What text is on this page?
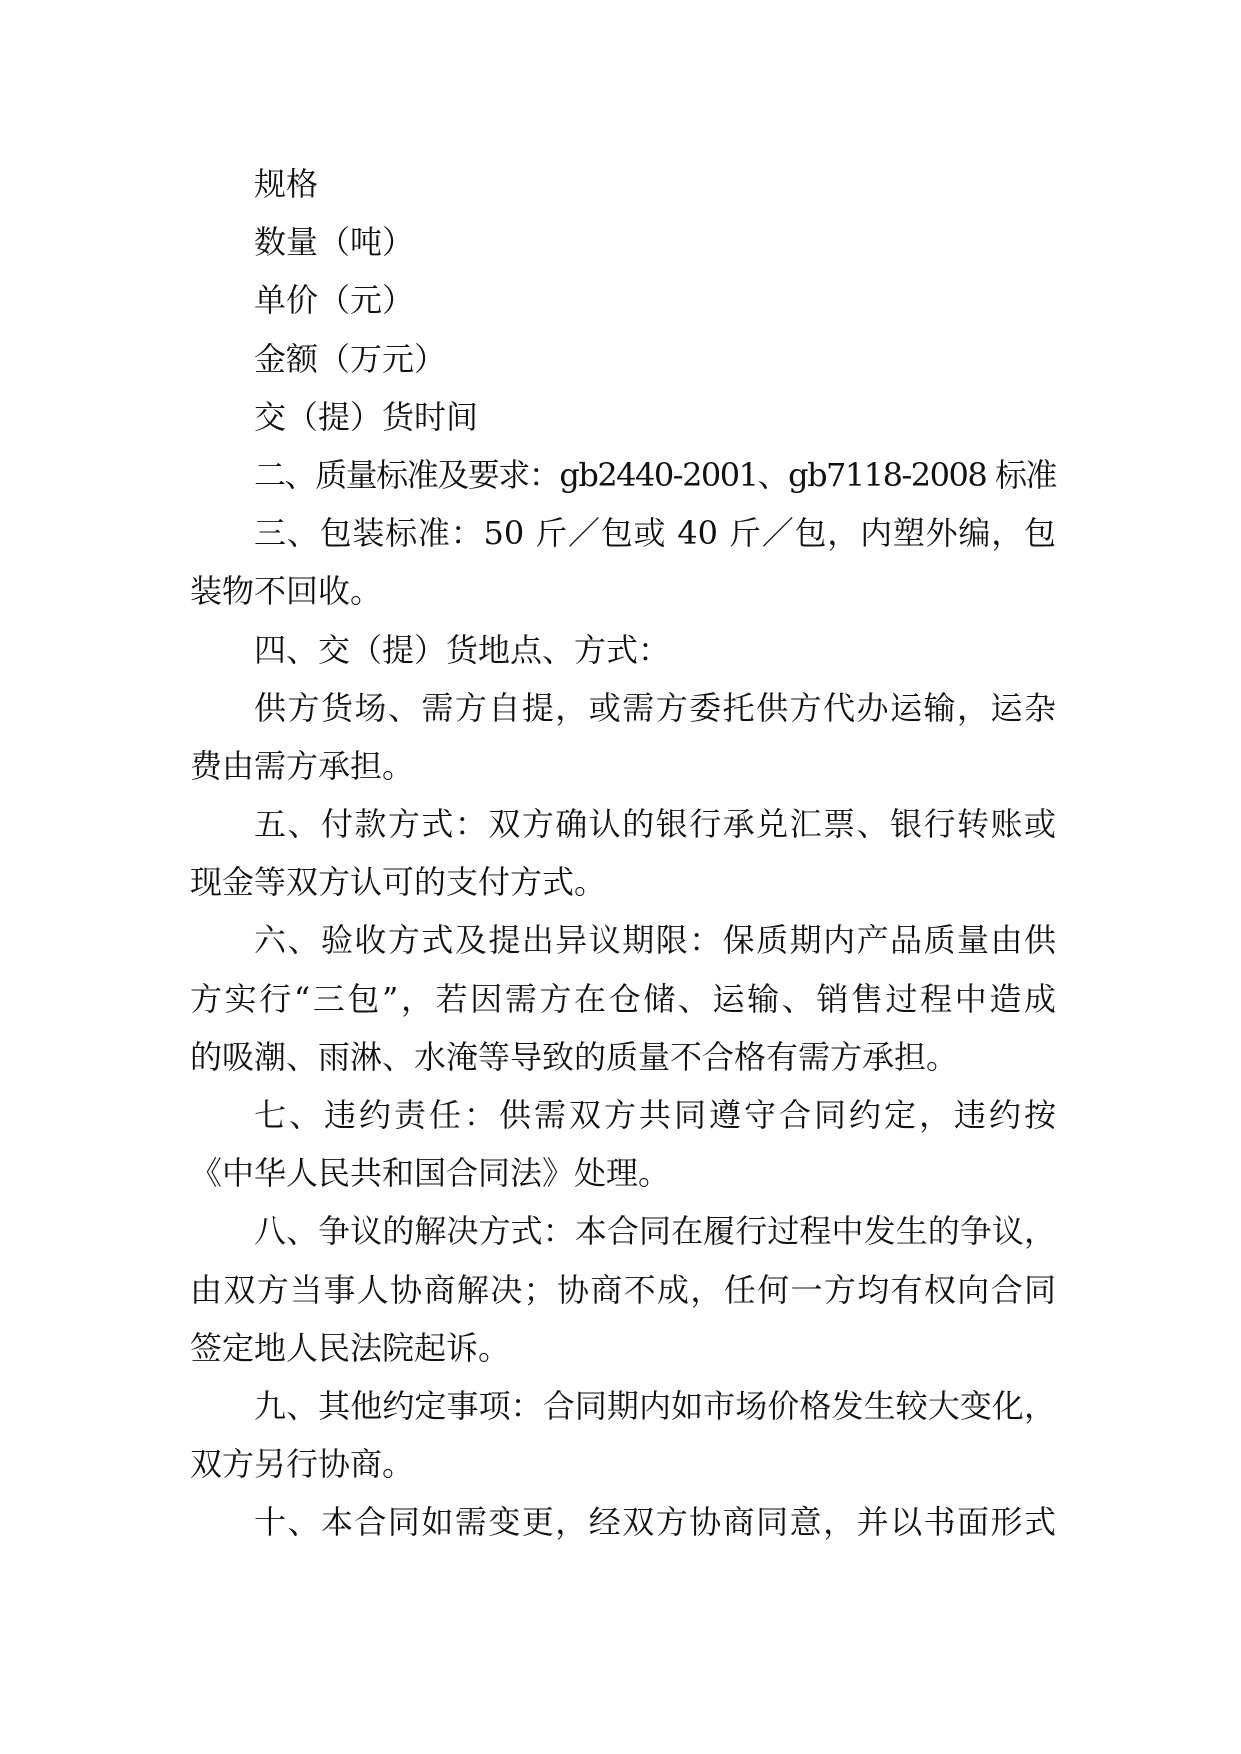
规格
数量（吨）
单价（元）
金额（万元）
交（提）货时间
二、质量标准及要求：gb2440-2001、gb7118-2008 标准
三、包装标准：50 斤／包或 40 斤／包，内塑外编，包
装物不回收。
四、交（提）货地点、方式：
供方货场、需方自提，或需方委托供方代办运输，运杂
费由需方承担。
五、付款方式：双方确认的银行承兑汇票、银行转账或
现金等双方认可的支付方式。
六、验收方式及提出异议期限：保质期内产品质量由供
方实行“三包”，若因需方在仓储、运输、销售过程中造成
的吸潮、雨淋、水淹等导致的质量不合格有需方承担。
七、违约责任：供需双方共同遵守合同约定，违约按
《中华人民共和国合同法》处理。
八、争议的解决方式：本合同在履行过程中发生的争议，
由双方当事人协商解决；协商不成，任何一方均有权向合同
签定地人民法院起诉。
九、其他约定事项：合同期内如市场价格发生较大变化，
双方另行协商。
十、本合同如需变更，经双方协商同意，并以书面形式
